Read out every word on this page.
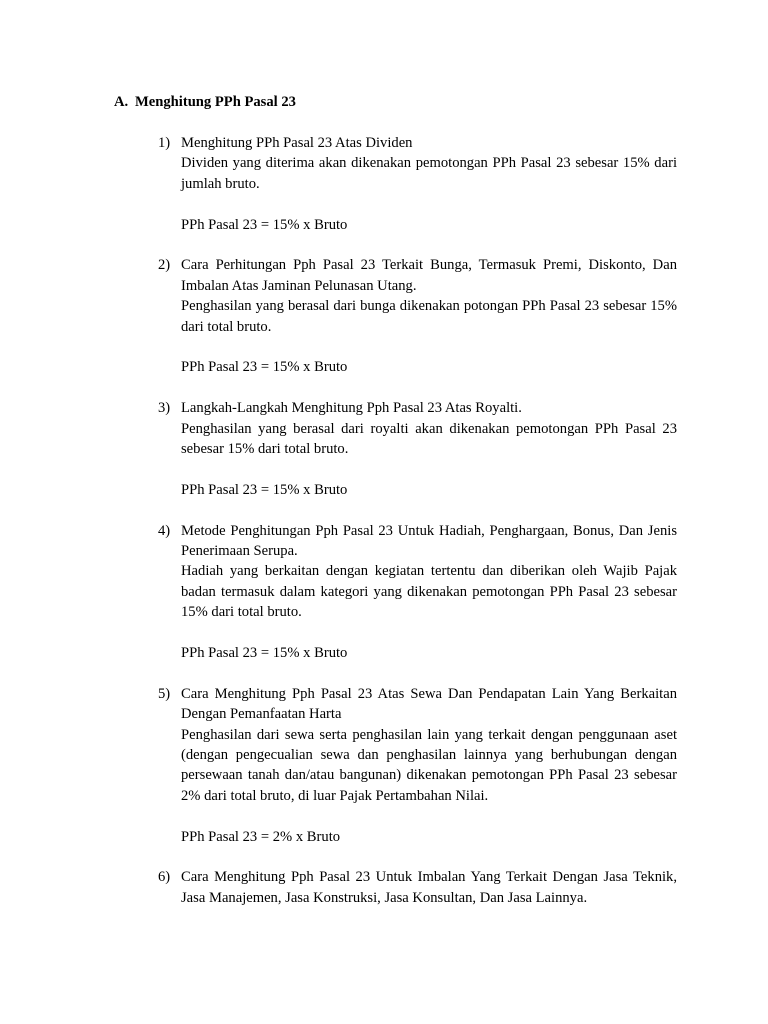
A. Menghitung PPh Pasal 23
1) Menghitung PPh Pasal 23 Atas Dividen

Dividen yang diterima akan dikenakan pemotongan PPh Pasal 23 sebesar 15% dari jumlah bruto.

PPh Pasal 23 = 15% x Bruto

2) Cara Perhitungan Pph Pasal 23 Terkait Bunga, Termasuk Premi, Diskonto, Dan Imbalan Atas Jaminan Pelunasan Utang.

Penghasilan yang berasal dari bunga dikenakan potongan PPh Pasal 23 sebesar 15% dari total bruto.

PPh Pasal 23 = 15% x Bruto

3) Langkah-Langkah Menghitung Pph Pasal 23 Atas Royalti.

Penghasilan yang berasal dari royalti akan dikenakan pemotongan PPh Pasal 23 sebesar 15% dari total bruto.

PPh Pasal 23 = 15% x Bruto

4) Metode Penghitungan Pph Pasal 23 Untuk Hadiah, Penghargaan, Bonus, Dan Jenis Penerimaan Serupa.

Hadiah yang berkaitan dengan kegiatan tertentu dan diberikan oleh Wajib Pajak badan termasuk dalam kategori yang dikenakan pemotongan PPh Pasal 23 sebesar 15% dari total bruto.

PPh Pasal 23 = 15% x Bruto

5) Cara Menghitung Pph Pasal 23 Atas Sewa Dan Pendapatan Lain Yang Berkaitan Dengan Pemanfaatan Harta

Penghasilan dari sewa serta penghasilan lain yang terkait dengan penggunaan aset (dengan pengecualian sewa dan penghasilan lainnya yang berhubungan dengan persewaan tanah dan/atau bangunan) dikenakan pemotongan PPh Pasal 23 sebesar 2% dari total bruto, di luar Pajak Pertambahan Nilai.

PPh Pasal 23 = 2% x Bruto

6) Cara Menghitung Pph Pasal 23 Untuk Imbalan Yang Terkait Dengan Jasa Teknik, Jasa Manajemen, Jasa Konstruksi, Jasa Konsultan, Dan Jasa Lainnya.
